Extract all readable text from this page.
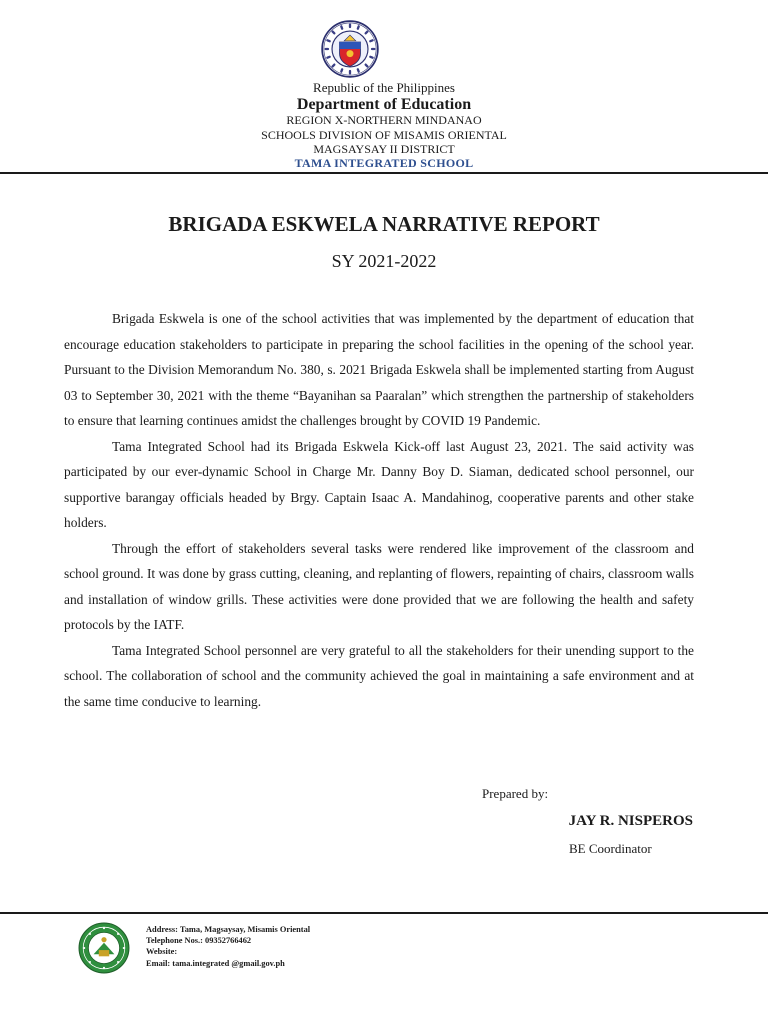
Republic of the Philippines
Department of Education
REGION X-NORTHERN MINDANAO
SCHOOLS DIVISION OF MISAMIS ORIENTAL
MAGSAYSAY II DISTRICT
TAMA INTEGRATED SCHOOL
BRIGADA ESKWELA NARRATIVE REPORT
SY 2021-2022

Brigada Eskwela is one of the school activities that was implemented by the department of education that encourage education stakeholders to participate in preparing the school facilities in the opening of the school year. Pursuant to the Division Memorandum No. 380, s. 2021 Brigada Eskwela shall be implemented starting from August 03 to September 30, 2021 with the theme “Bayanihan sa Paaralan” which strengthen the partnership of stakeholders to ensure that learning continues amidst the challenges brought by COVID 19 Pandemic.

Tama Integrated School had its Brigada Eskwela Kick-off last August 23, 2021. The said activity was participated by our ever-dynamic School in Charge Mr. Danny Boy D. Siaman, dedicated school personnel, our supportive barangay officials headed by Brgy. Captain Isaac A. Mandahinog, cooperative parents and other stake holders.

Through the effort of stakeholders several tasks were rendered like improvement of the classroom and school ground. It was done by grass cutting, cleaning, and replanting of flowers, repainting of chairs, classroom walls and installation of window grills. These activities were done provided that we are following the health and safety protocols by the IATF.

Tama Integrated School personnel are very grateful to all the stakeholders for their unending support to the school. The collaboration of school and the community achieved the goal in maintaining a safe environment and at the same time conducive to learning.

Prepared by:
JAY R. NISPEROS
BE Coordinator
Address: Tama, Magsaysay, Misamis Oriental
Telephone Nos.: 09352766462
Website:
Email: tama.integrated @gmail.gov.ph
